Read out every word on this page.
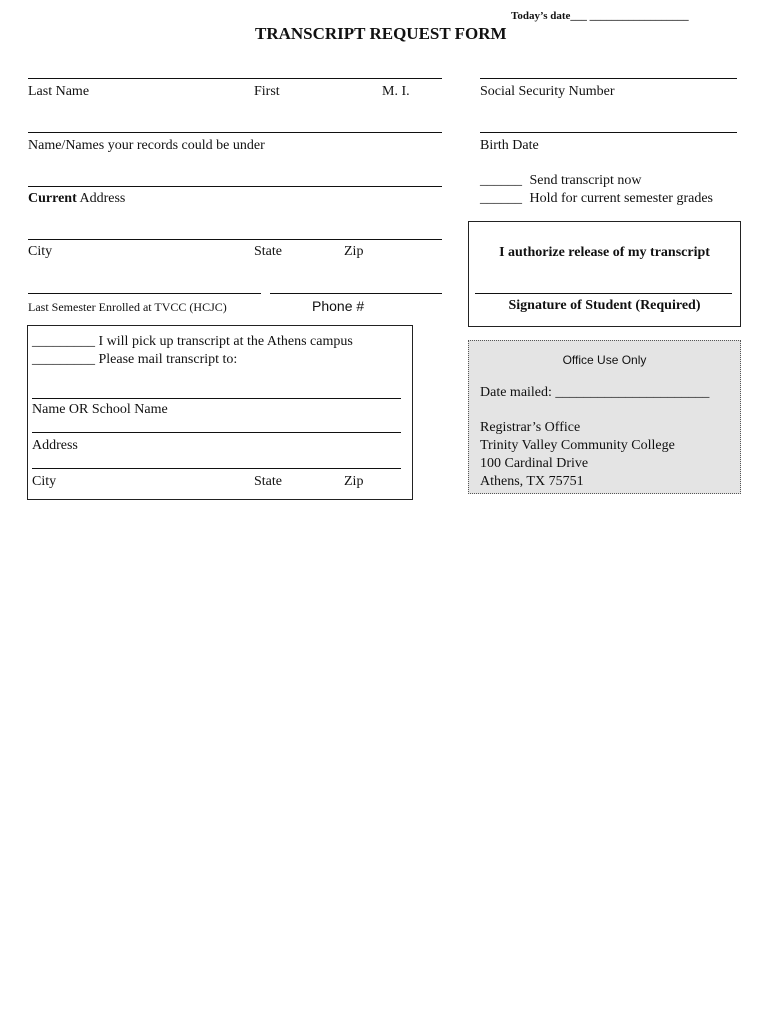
Today’s date___ __________________
TRANSCRIPT REQUEST FORM
Last Name	First	M. I.
Name/Names your records could be under
Current Address
City	State	Zip
Last Semester Enrolled at TVCC (HCJC)	Phone #
Social Security Number
Birth Date
______ Send transcript now
______ Hold for current semester grades
I authorize release of my transcript
Signature of Student (Required)
_________ I will pick up transcript at the Athens campus
_________ Please mail transcript to:
Name OR School Name
Address
City	State	Zip
Office Use Only
Date mailed: ______________________
Registrar’s Office
Trinity Valley Community College
100 Cardinal Drive
Athens, TX 75751
